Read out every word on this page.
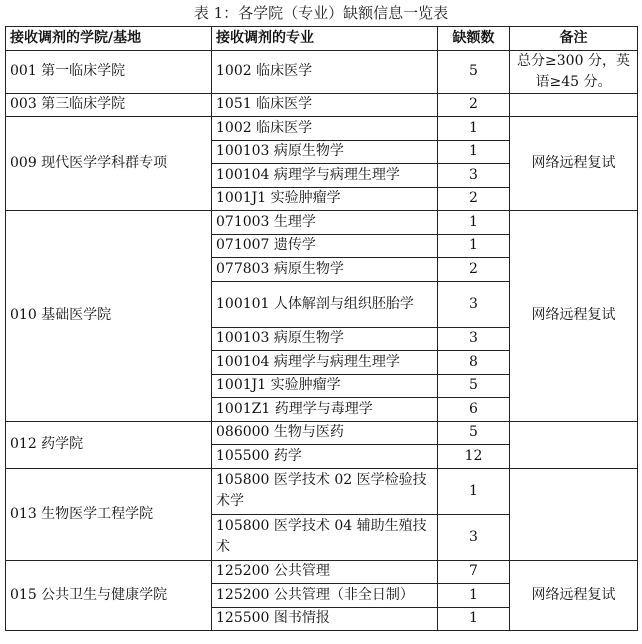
表 1：各学院（专业）缺额信息一览表
接收调剂的学院/基地	接收调剂的专业	缺额数	备注
001 第一临床学院	1002 临床医学	5	总分≥300 分，英语≥45 分。
003 第三临床学院	1051 临床医学	2	
009 现代医学学科群专项	1002 临床医学	1	网络远程复试
	100103 病原生物学	1	
	100104 病理学与病理生理学	3	
	1001J1 实验肿瘤学	2	
010 基础医学院	071003 生理学	1	网络远程复试
	071007 遗传学	1	
	077803 病原生物学	2	
	100101 人体解剖与组织胚胎学	3	
	100103 病原生物学	3	
	100104 病理学与病理生理学	8	
	1001J1 实验肿瘤学	5	
	1001Z1 药理学与毒理学	6	
012 药学院	086000 生物与医药	5	
	105500 药学	12	
013 生物医学工程学院	105800 医学技术 02 医学检验技术学	1	
	105800 医学技术 04 辅助生殖技术	3	
015 公共卫生与健康学院	125200 公共管理	7	网络远程复试
	125200 公共管理（非全日制）	1	
	125500 图书情报	1	
